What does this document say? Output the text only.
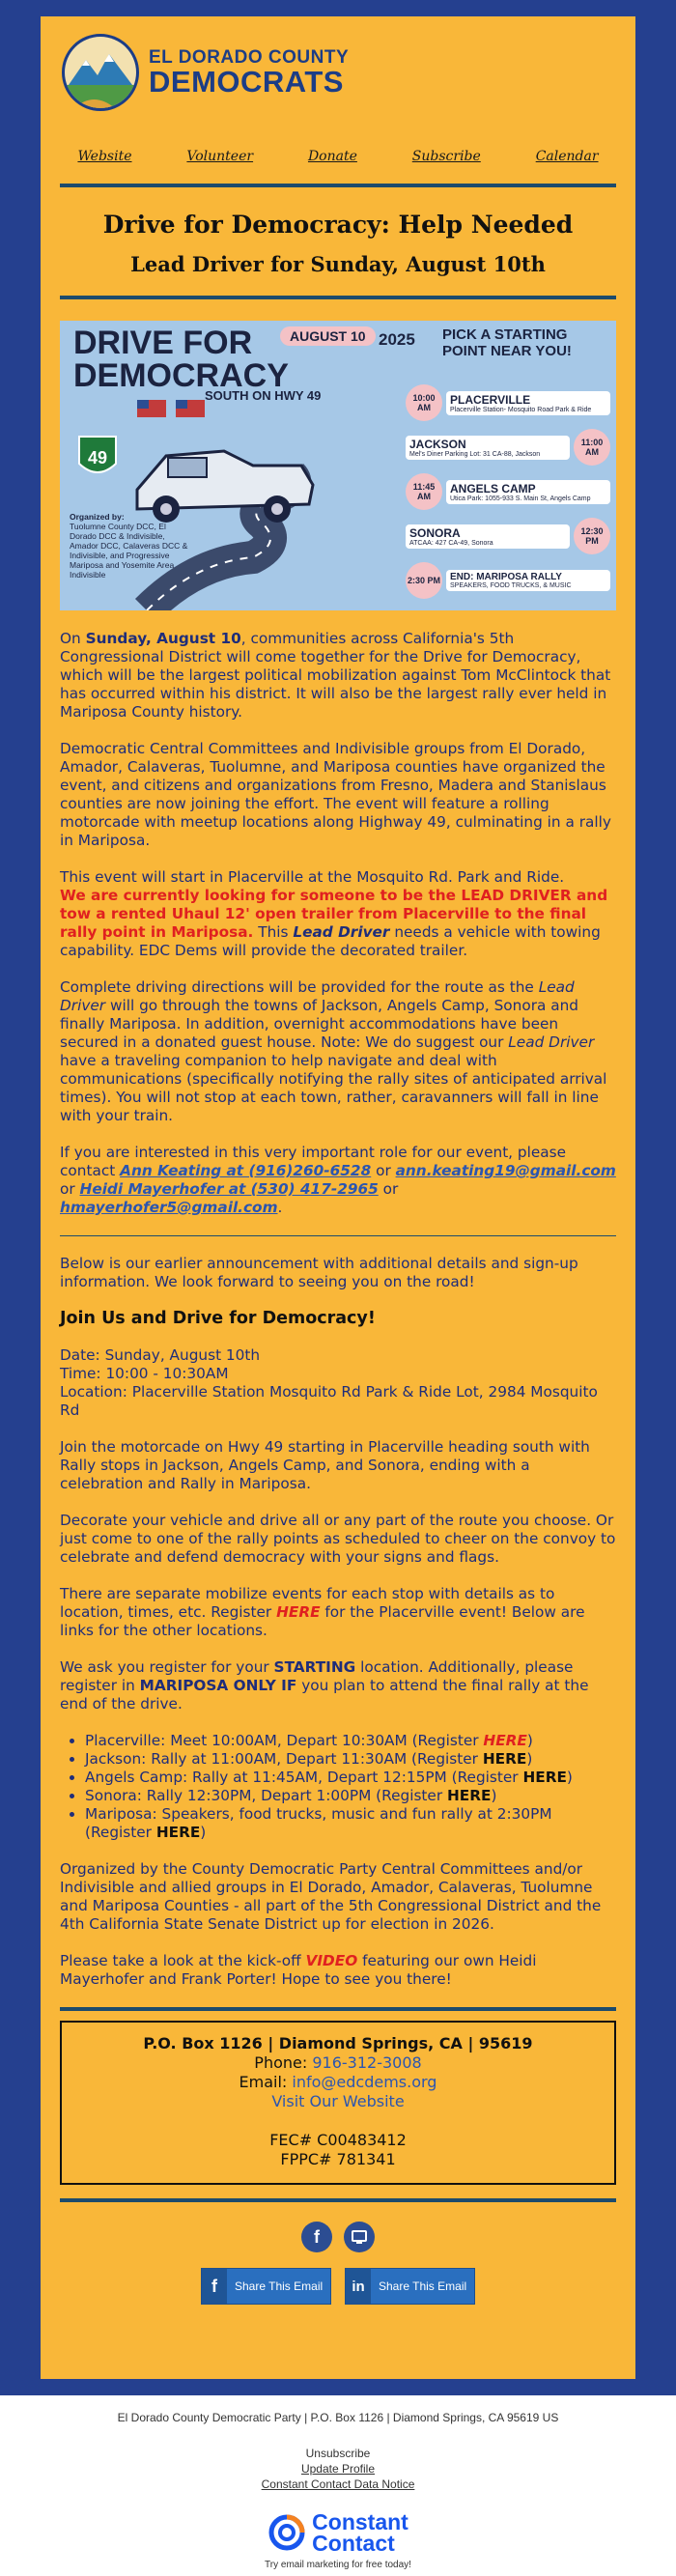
EL DORADO COUNTY
DEMOCRATS
Website	Volunteer	Donate	Subscribe	Calendar
Drive for Democracy: Help Needed
Lead Driver for Sunday, August 10th
49
DRIVE FOR
DEMOCRACY
AUGUST 10 2025
SOUTH ON HWY 49
PICK A STARTING POINT NEAR YOU!
Organized by:
Tuolumne County DCC, El Dorado DCC & Indivisible, Amador DCC, Calaveras DCC & Indivisible, and Progressive Mariposa and Yosemite Area Indivisible
10:00 AM
PLACERVILLE
Placerville Station- Mosquito Road Park & Ride
JACKSON
Mel's Diner Parking Lot: 31 CA-88, Jackson
11:00 AM
11:45 AM
ANGELS CAMP
Utica Park: 1055-933 S. Main St, Angels Camp
SONORA
ATCAA: 427 CA-49, Sonora
12:30 PM
2:30 PM END: MARIPOSA RALLY
SPEAKERS, FOOD TRUCKS, & MUSIC

On Sunday, August 10, communities across California's 5th Congressional District will come together for the Drive for Democracy, which will be the largest political mobilization against Tom McClintock that has occurred within his district. It will also be the largest rally ever held in Mariposa County history.

Democratic Central Committees and Indivisible groups from El Dorado, Amador, Calaveras, Tuolumne, and Mariposa counties have organized the event, and citizens and organizations from Fresno, Madera and Stanislaus counties are now joining the effort. The event will feature a rolling motorcade with meetup locations along Highway 49, culminating in a rally in Mariposa.

This event will start in Placerville at the Mosquito Rd. Park and Ride.
We are currently looking for someone to be the LEAD DRIVER and tow a rented Uhaul 12' open trailer from Placerville to the final rally point in Mariposa. This Lead Driver needs a vehicle with towing capability. EDC Dems will provide the decorated trailer.

Complete driving directions will be provided for the route as the Lead Driver will go through the towns of Jackson, Angels Camp, Sonora and finally Mariposa. In addition, overnight accommodations have been secured in a donated guest house. Note: We do suggest our Lead Driver have a traveling companion to help navigate and deal with communications (specifically notifying the rally sites of anticipated arrival times). You will not stop at each town, rather, caravanners will fall in line with your train.

If you are interested in this very important role for our event, please contact Ann Keating at (916)260-6528 or ann.keating19@gmail.com or Heidi Mayerhofer at (530) 417-2965 or hmayerhofer5@gmail.com.

Below is our earlier announcement with additional details and sign-up information. We look forward to seeing you on the road!

Join Us and Drive for Democracy!

Date: Sunday, August 10th
Time: 10:00 - 10:30AM
Location: Placerville Station Mosquito Rd Park & Ride Lot, 2984 Mosquito Rd

Join the motorcade on Hwy 49 starting in Placerville heading south with Rally stops in Jackson, Angels Camp, and Sonora, ending with a celebration and Rally in Mariposa.

Decorate your vehicle and drive all or any part of the route you choose. Or just come to one of the rally points as scheduled to cheer on the convoy to celebrate and defend democracy with your signs and flags.

There are separate mobilize events for each stop with details as to location, times, etc. Register HERE for the Placerville event! Below are links for the other locations.

We ask you register for your STARTING location. Additionally, please register in MARIPOSA ONLY IF you plan to attend the final rally at the end of the drive.

• Placerville: Meet 10:00AM, Depart 10:30AM (Register HERE)
• Jackson: Rally at 11:00AM, Depart 11:30AM (Register HERE)
• Angels Camp: Rally at 11:45AM, Depart 12:15PM (Register HERE)
• Sonora: Rally 12:30PM, Depart 1:00PM (Register HERE)
• Mariposa: Speakers, food trucks, music and fun rally at 2:30PM (Register HERE)

Organized by the County Democratic Party Central Committees and/or Indivisible and allied groups in El Dorado, Amador, Calaveras, Tuolumne and Mariposa Counties - all part of the 5th Congressional District and the 4th California State Senate District up for election in 2026.

Please take a look at the kick-off VIDEO featuring our own Heidi Mayerhofer and Frank Porter! Hope to see you there!

P.O. Box 1126 | Diamond Springs, CA | 95619
Phone: 916-312-3008
Email: info@edcdems.org
Visit Our Website
FEC# C00483412
FPPC# 781341
f
f	Share This Email	in	Share This Email
El Dorado County Democratic Party | P.O. Box 1126 | Diamond Springs, CA 95619 US
Unsubscribe
Update Profile
Constant Contact Data Notice
Constant
Contact
Try email marketing for free today!
